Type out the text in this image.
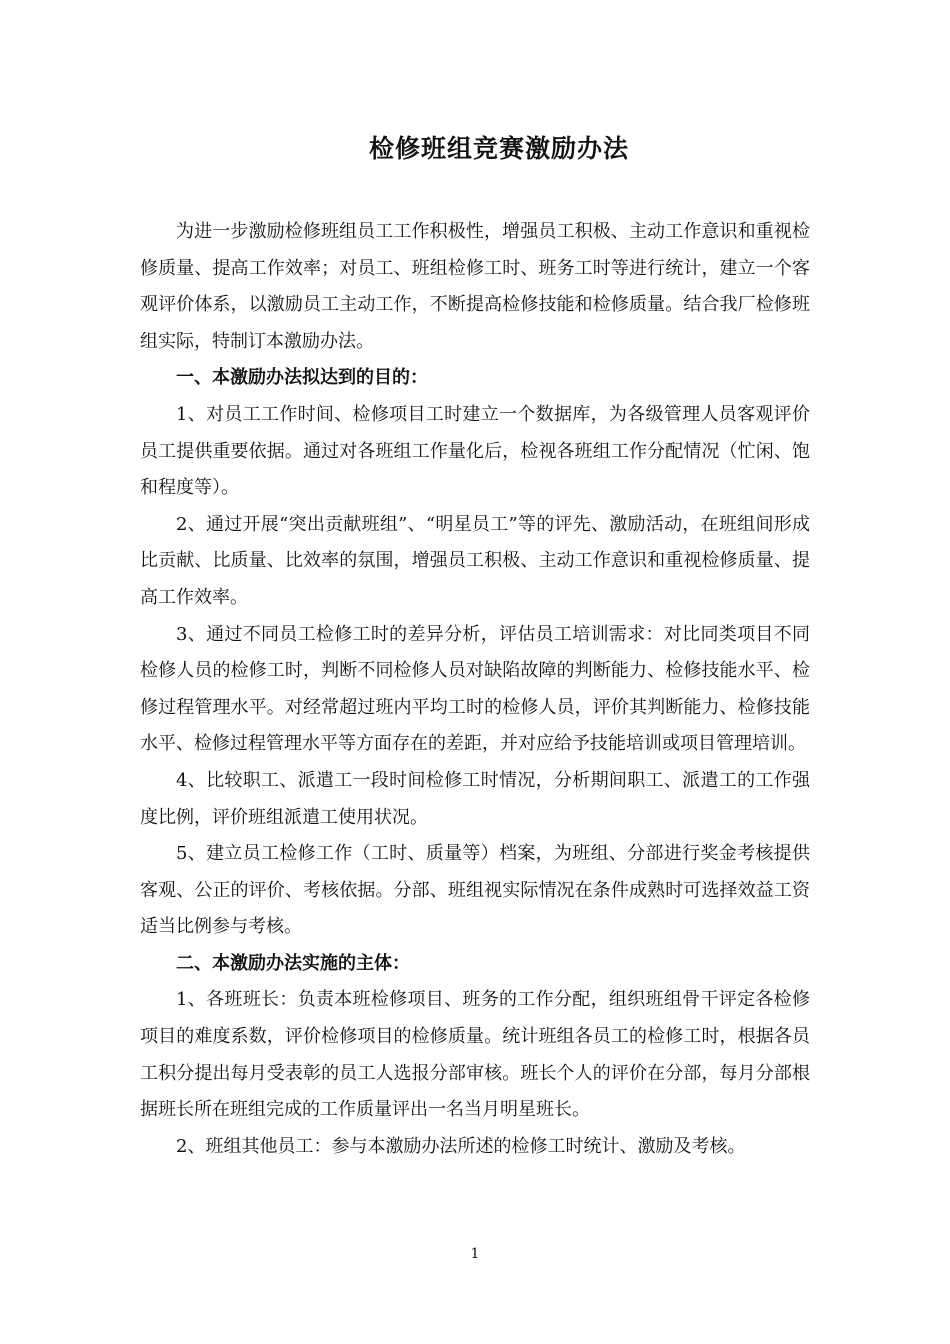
检修班组竞赛激励办法

为进一步激励检修班组员工工作积极性，增强员工积极、主动工作意识和重视检修质量、提高工作效率；对员工、班组检修工时、班务工时等进行统计，建立一个客观评价体系，以激励员工主动工作，不断提高检修技能和检修质量。结合我厂检修班组实际，特制订本激励办法。

一、本激励办法拟达到的目的：

1、对员工工作时间、检修项目工时建立一个数据库，为各级管理人员客观评价员工提供重要依据。通过对各班组工作量化后，检视各班组工作分配情况（忙闲、饱和程度等）。

2、通过开展“突出贡献班组”、“明星员工”等的评先、激励活动，在班组间形成比贡献、比质量、比效率的氛围，增强员工积极、主动工作意识和重视检修质量、提高工作效率。

3、通过不同员工检修工时的差异分析，评估员工培训需求：对比同类项目不同检修人员的检修工时，判断不同检修人员对缺陷故障的判断能力、检修技能水平、检修过程管理水平。对经常超过班内平均工时的检修人员，评价其判断能力、检修技能水平、检修过程管理水平等方面存在的差距，并对应给予技能培训或项目管理培训。

4、比较职工、派遣工一段时间检修工时情况，分析期间职工、派遣工的工作强度比例，评价班组派遣工使用状况。

5、建立员工检修工作（工时、质量等）档案，为班组、分部进行奖金考核提供客观、公正的评价、考核依据。分部、班组视实际情况在条件成熟时可选择效益工资适当比例参与考核。

二、本激励办法实施的主体：

1、各班班长：负责本班检修项目、班务的工作分配，组织班组骨干评定各检修项目的难度系数，评价检修项目的检修质量。统计班组各员工的检修工时，根据各员工积分提出每月受表彰的员工人选报分部审核。班长个人的评价在分部，每月分部根据班长所在班组完成的工作质量评出一名当月明星班长。

2、班组其他员工：参与本激励办法所述的检修工时统计、激励及考核。

1
